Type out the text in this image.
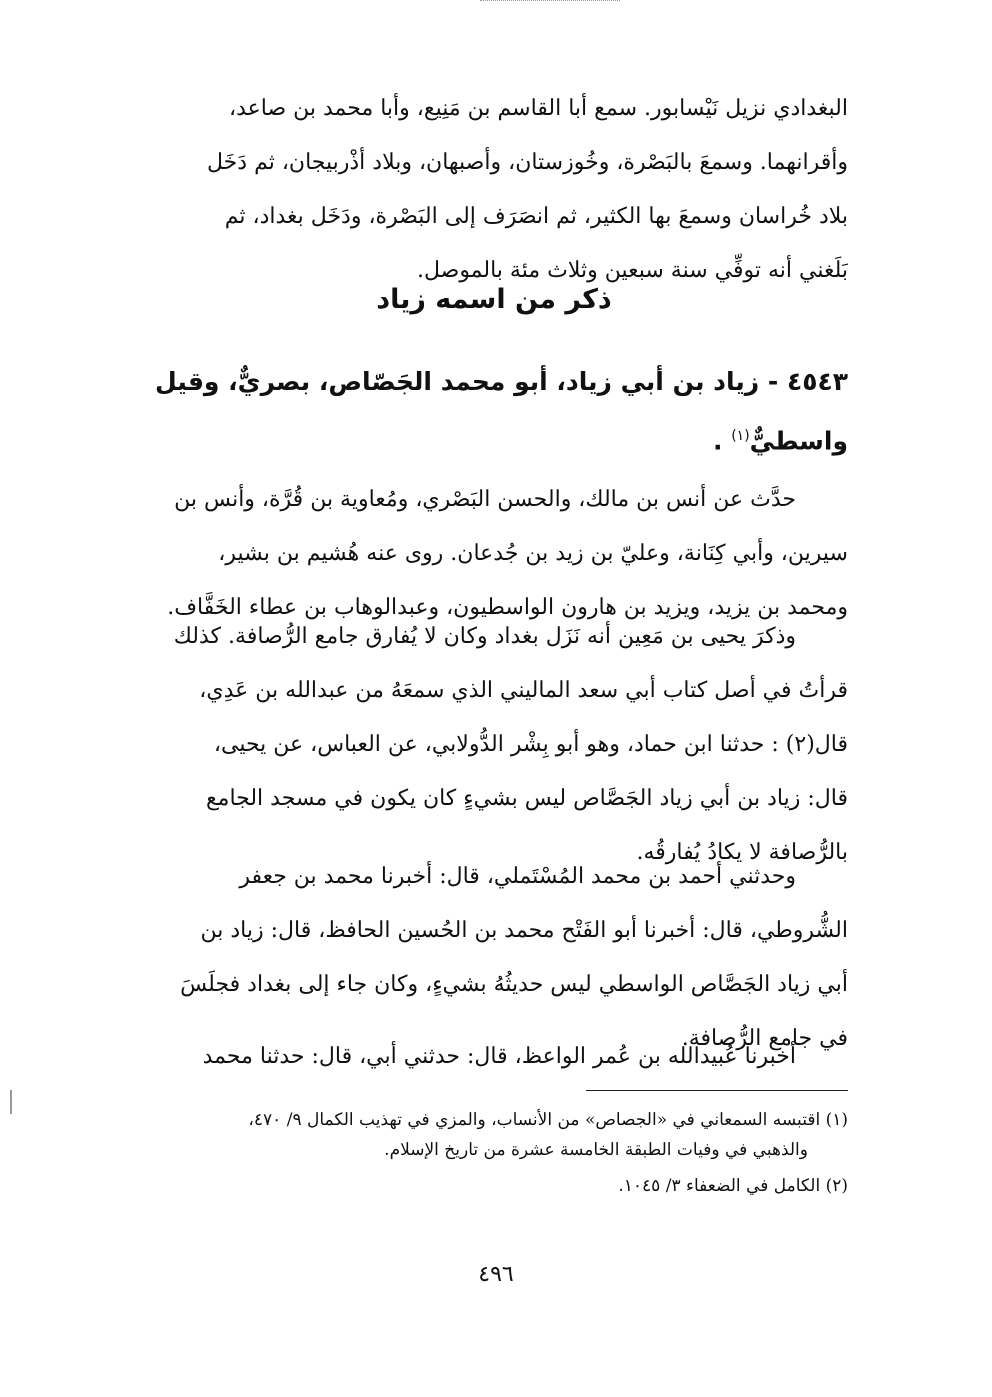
البغدادي نزيل نَيْسابور. سمع أبا القاسم بن مَنِيع، وأبا محمد بن صاعد،
وأقرانهما. وسمعَ بالبَصْرة، وخُوزستان، وأصبهان، وبلاد أذْربيجان، ثم دَخَل
بلاد خُراسان وسمعَ بها الكثير، ثم انصَرَف إلى البَصْرة، ودَخَل بغداد، ثم
بَلَغني أنه توفِّي سنة سبعين وثلاث مئة بالموصل.
ذكر من اسمه زياد
٤٥٤٣ - زياد بن أبي زياد، أبو محمد الجَصّاص، بصريٌّ، وقيل
واسطيٌّ$^{(١)}$ .
حدَّث عن أنس بن مالك، والحسن البَصْري، ومُعاوية بن قُرَّة، وأنس بن
سيرين، وأبي كِنَانة، وعليّ بن زيد بن جُدعان. روى عنه هُشيم بن بشير،
ومحمد بن يزيد، ويزيد بن هارون الواسطيون، وعبدالوهاب بن عطاء الخَفَّاف.
وذكرَ يحيى بن مَعِين أنه نَزَل بغداد وكان لا يُفارق جامع الرُّصافة. كذلك
قرأتُ في أصل كتاب أبي سعد الماليني الذي سمعَهُ من عبدالله بن عَدِي،
قال(٢) : حدثنا ابن حماد، وهو أبو بِشْر الدُّولابي، عن العباس، عن يحيى،
قال: زياد بن أبي زياد الجَصَّاص ليس بشيءٍ كان يكون في مسجد الجامع
بالرُّصافة لا يكادُ يُفارقُه.
وحدثني أحمد بن محمد المُسْتَملي، قال: أخبرنا محمد بن جعفر
الشُّروطي، قال: أخبرنا أبو الفَتْح محمد بن الحُسين الحافظ، قال: زياد بن
أبي زياد الجَصَّاص الواسطي ليس حديثُهُ بشيءٍ، وكان جاء إلى بغداد فجلَسَ
في جامع الرُّصافة.
أخبرنا عُبيدالله بن عُمر الواعظ، قال: حدثني أبي، قال: حدثنا محمد
(١) اقتبسه السمعاني في «الجصاص» من الأنساب، والمزي في تهذيب الكمال ٩/ ٤٧٠،
والذهبي في وفيات الطبقة الخامسة عشرة من تاريخ الإسلام.
(٢) الكامل في الضعفاء ٣/ ١٠٤٥.
٤٩٦
